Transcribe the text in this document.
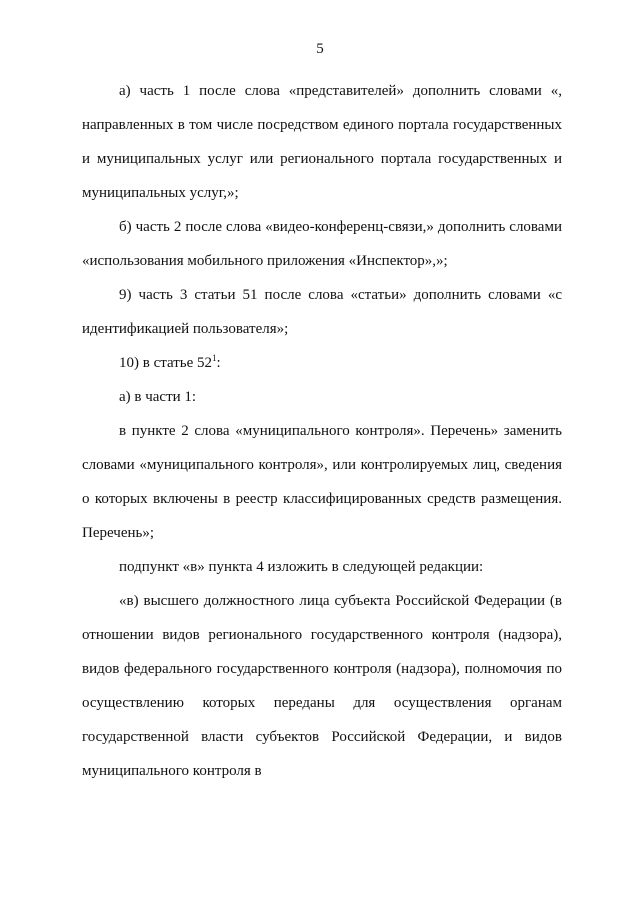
5

а) часть 1 после слова «представителей» дополнить словами «, направленных в том числе посредством единого портала государственных и муниципальных услуг или регионального портала государственных и муниципальных услуг,»;

б) часть 2 после слова «видео-конференц-связи,» дополнить словами «использования мобильного приложения «Инспектор»,»;

9) часть 3 статьи 51 после слова «статьи» дополнить словами «с идентификацией пользователя»;

10) в статье $52^1$:

а) в части 1:

в пункте 2 слова «муниципального контроля». Перечень» заменить словами «муниципального контроля», или контролируемых лиц, сведения о которых включены в реестр классифицированных средств размещения. Перечень»;

подпункт «в» пункта 4 изложить в следующей редакции:

«в) высшего должностного лица субъекта Российской Федерации (в отношении видов регионального государственного контроля (надзора), видов федерального государственного контроля (надзора), полномочия по осуществлению которых переданы для осуществления органам государственной власти субъектов Российской Федерации, и видов муниципального контроля в
